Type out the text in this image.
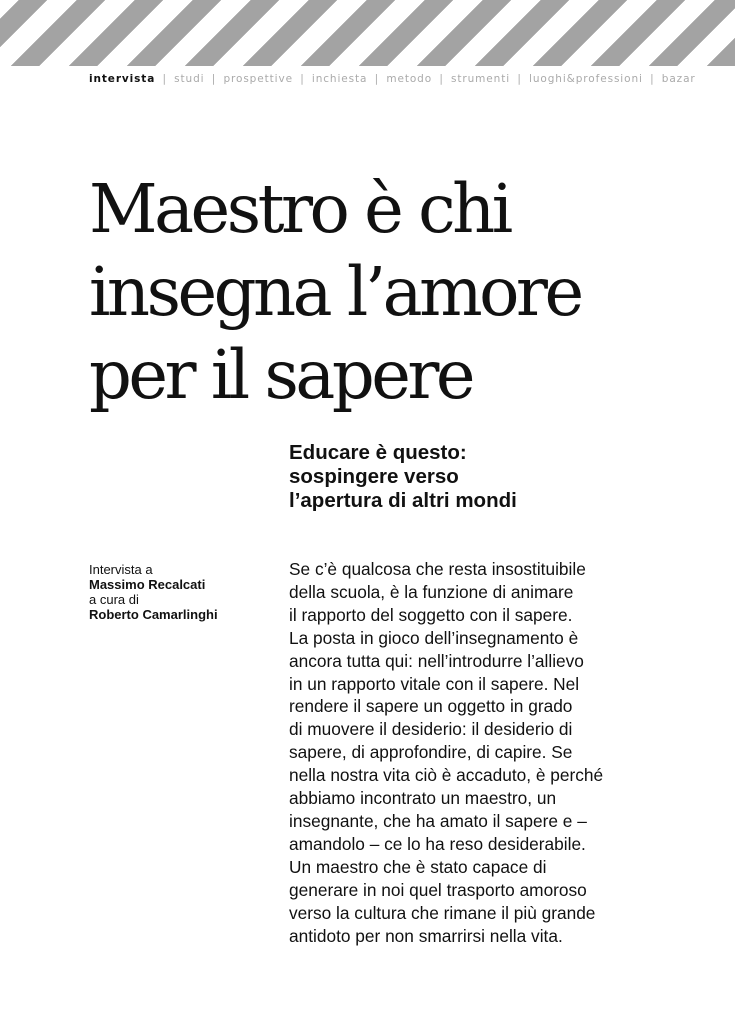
intervista | studi | prospettive | inchiesta | metodo | strumenti | luoghi&professioni | bazar
Maestro è chi
insegna l’amore
per il sapere
Educare è questo:
sospingere verso
l’apertura di altri mondi
Intervista a
Massimo Recalcati
a cura di
Roberto Camarlinghi
Se c’è qualcosa che resta insostituibile
della scuola, è la funzione di animare
il rapporto del soggetto con il sapere.
La posta in gioco dell’insegnamento è
ancora tutta qui: nell’introdurre l’allievo
in un rapporto vitale con il sapere. Nel
rendere il sapere un oggetto in grado
di muovere il desiderio: il desiderio di
sapere, di approfondire, di capire. Se
nella nostra vita ciò è accaduto, è perché
abbiamo incontrato un maestro, un
insegnante, che ha amato il sapere e –
amandolo – ce lo ha reso desiderabile.
Un maestro che è stato capace di
generare in noi quel trasporto amoroso
verso la cultura che rimane il più grande
antidoto per non smarrirsi nella vita.
